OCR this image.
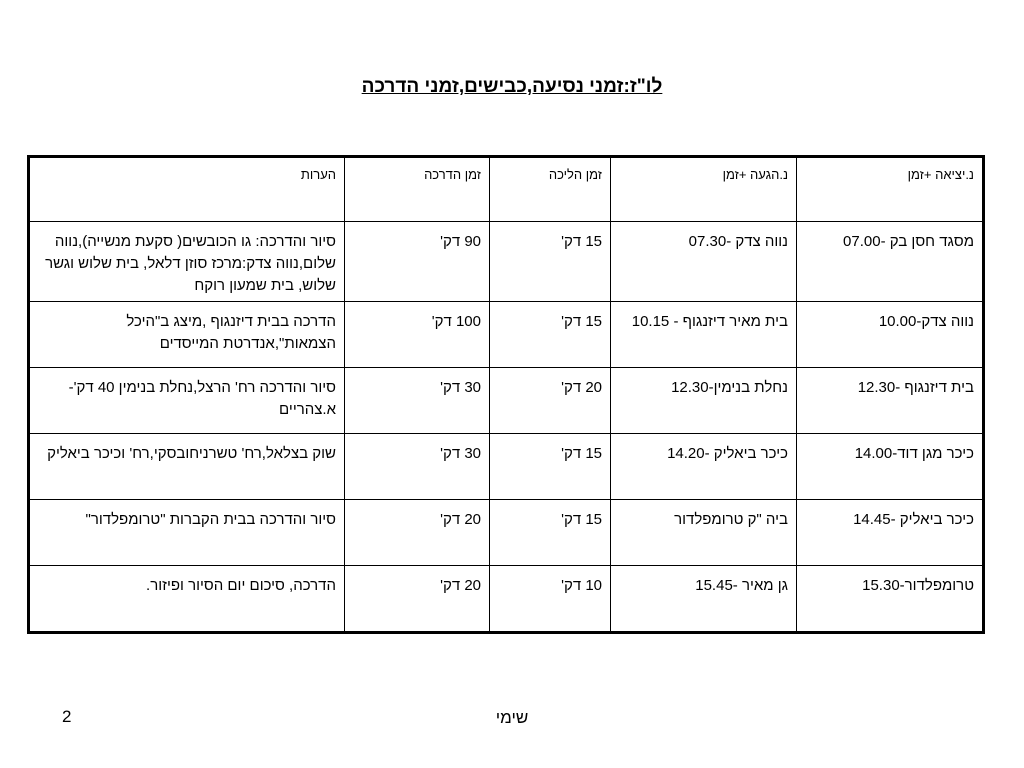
לו"ז:זמני נסיעה,כבישים,זמני הדרכה
נ.יציאה +זמן	נ.הגעה +זמן	זמן הליכה	זמן הדרכה	הערות
מסגד חסן בק -07.00	נווה צדק -07.30	15 דק'	90 דק'	סיור והדרכה: גו הכובשים( סקעת מנשייה),נווה שלום,נווה צדק:מרכז סוזן דלאל, בית שלוש וגשר שלוש, בית שמעון רוקח
נווה צדק-10.00	בית מאיר דיזנגוף - 10.15	15 דק'	100 דק'	הדרכה בבית דיזנגוף ,מיצג ב"היכל הצמאות",אנדרטת המייסדים
בית דיזנגוף -12.30	נחלת בנימין-12.30	20 דק'	30 דק'	סיור והדרכה רח' הרצל,נחלת בנימין 40 דק'- א.צהריים
כיכר מגן דוד-14.00	כיכר ביאליק -14.20	15 דק'	30 דק'	שוק בצלאל,רח' טשרניחובסקי,רח' וכיכר ביאליק
כיכר ביאליק -14.45	ביה "ק טרומפלדור	15 דק'	20 דק'	סיור והדרכה בבית הקברות "טרומפלדור"
טרומפלדור-15.30	גן מאיר -15.45	10 דק'	20 דק'	הדרכה, סיכום יום הסיור ופיזור.
שימי
2
